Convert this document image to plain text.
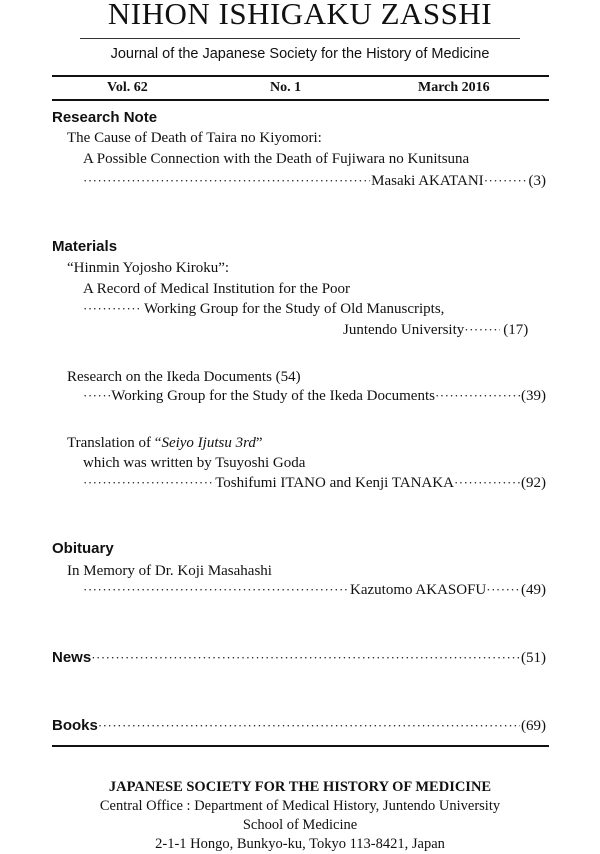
NIHON ISHIGAKU ZASSHI
Journal of the Japanese Society for the History of Medicine
Vol. 62	No. 1	March 2016
Research Note
The Cause of Death of Taira no Kiyomori:
A Possible Connection with the Death of Fujiwara no Kunitsuna
·····
Masaki AKATANI ·····	(3)
Materials
“Hinmin Yojosho Kiroku”:
A Record of Medical Institution for the Poor
·····
Working Group for the Study of Old Manuscripts,
Juntendo University ·····	(17)
Research on the Ikeda Documents (54)
·····
Working Group for the Study of the Ikeda Documents ·····	(39)
Translation of “Seiyo Ijutsu 3rd”
which was written by Tsuyoshi Goda
·····
Toshifumi ITANO and Kenji TANAKA ·····	(92)
Obituary
In Memory of Dr. Koji Masahashi
·····
Kazutomo AKASOFU ····· (49)
News ·····	(51)
Books ·····	(69)
JAPANESE SOCIETY FOR THE HISTORY OF MEDICINE
Central Office : Department of Medical History, Juntendo University
School of Medicine
2-1-1 Hongo, Bunkyo-ku, Tokyo 113-8421, Japan
